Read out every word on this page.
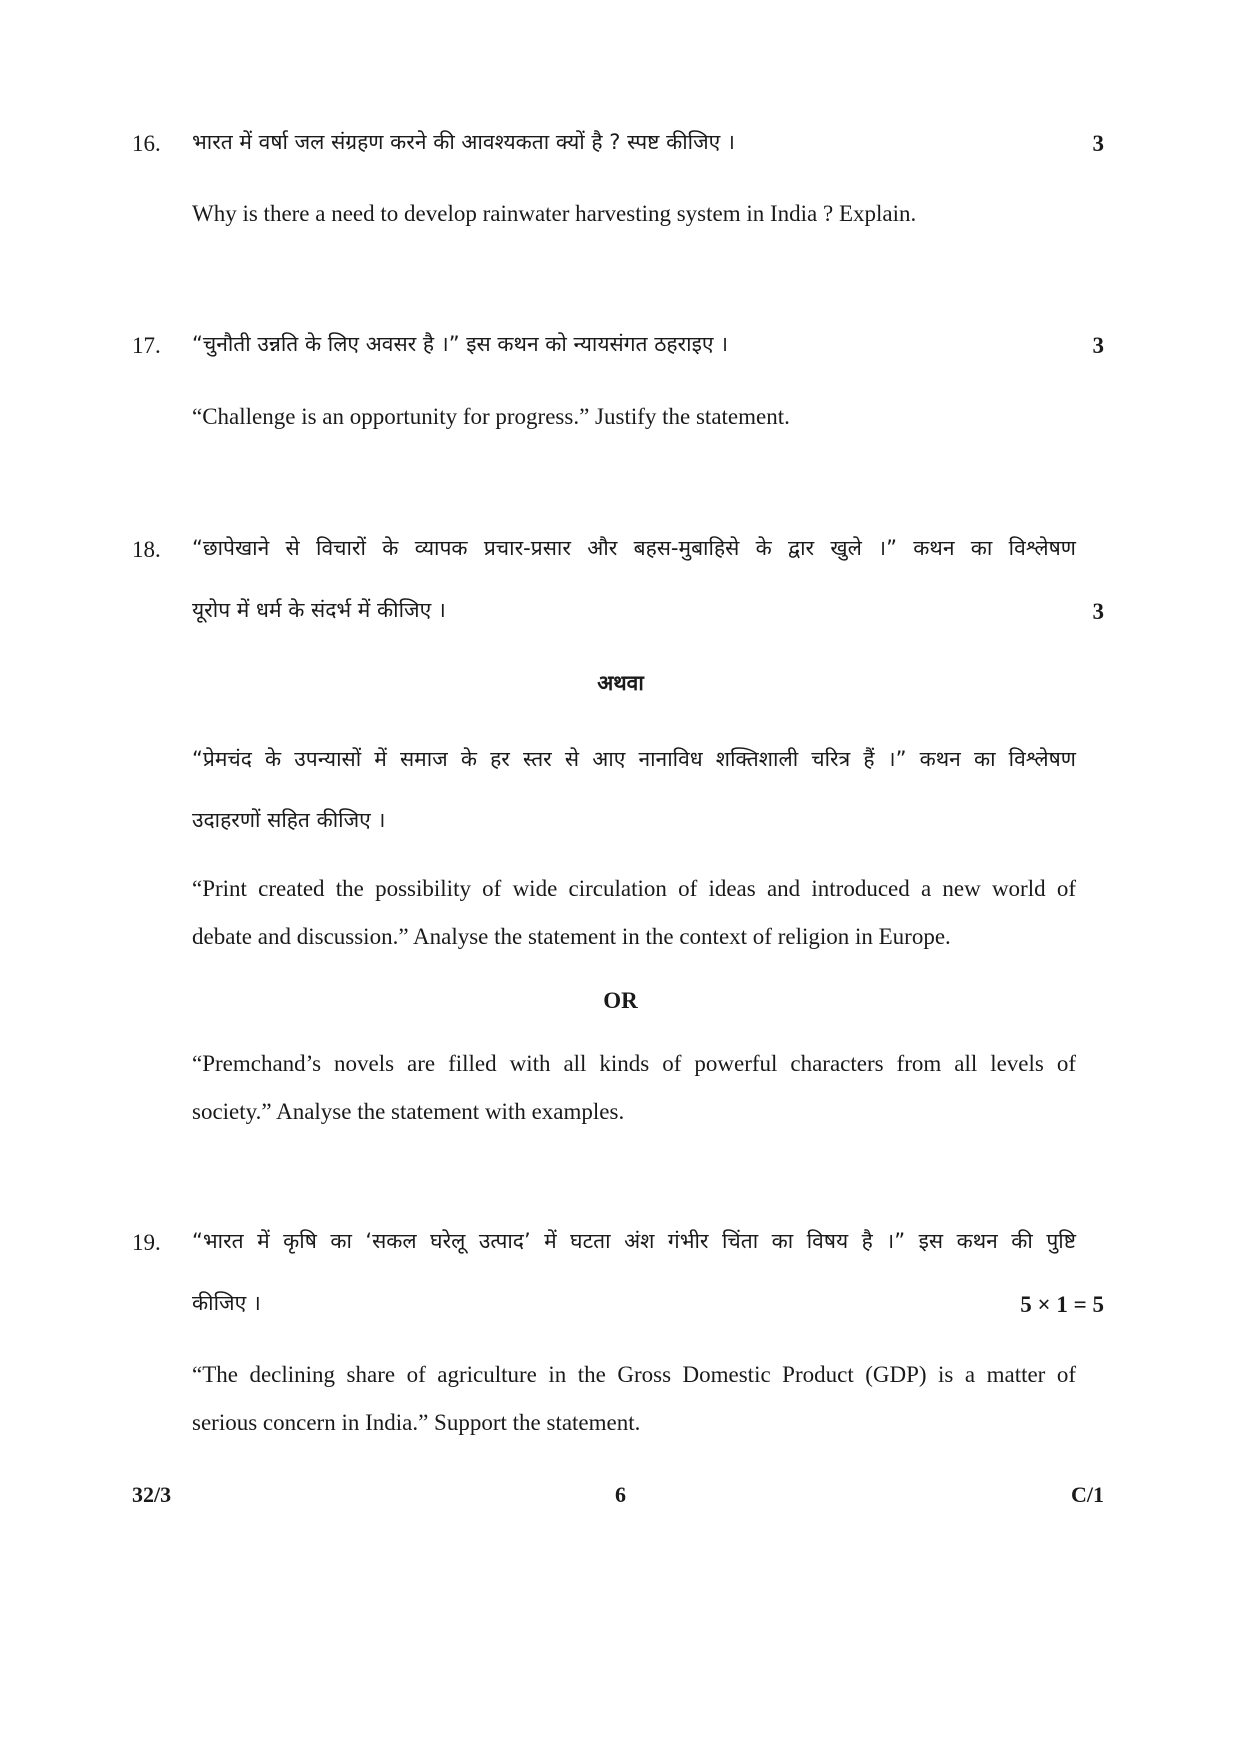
16. भारत में वर्षा जल संग्रहण करने की आवश्यकता क्यों है ? स्पष्ट कीजिए ।	3
Why is there a need to develop rainwater harvesting system in India ? Explain.
17. “चुनौती उन्नति के लिए अवसर है ।” इस कथन को न्यायसंगत ठहराइए ।	3
“Challenge is an opportunity for progress.” Justify the statement.
18. “छापेखाने से विचारों के व्यापक प्रचार-प्रसार और बहस-मुबाहिसे के द्वार खुले ।” कथन का विश्लेषण
यूरोप में धर्म के संदर्भ में कीजिए ।	3
अथवा
“प्रेमचंद के उपन्यासों में समाज के हर स्तर से आए नानाविध शक्तिशाली चरित्र हैं ।” कथन का विश्लेषण
उदाहरणों सहित कीजिए ।
“Print created the possibility of wide circulation of ideas and introduced a new world of
debate and discussion.” Analyse the statement in the context of religion in Europe.
OR
“Premchand’s novels are filled with all kinds of powerful characters from all levels of
society.” Analyse the statement with examples.
19. “भारत में कृषि का ‘सकल घरेलू उत्पाद’ में घटता अंश गंभीर चिंता का विषय है ।” इस कथन की पुष्टि
कीजिए ।	5 × 1 = 5
“The declining share of agriculture in the Gross Domestic Product (GDP) is a matter of
serious concern in India.” Support the statement.
32/3	6	C/1
